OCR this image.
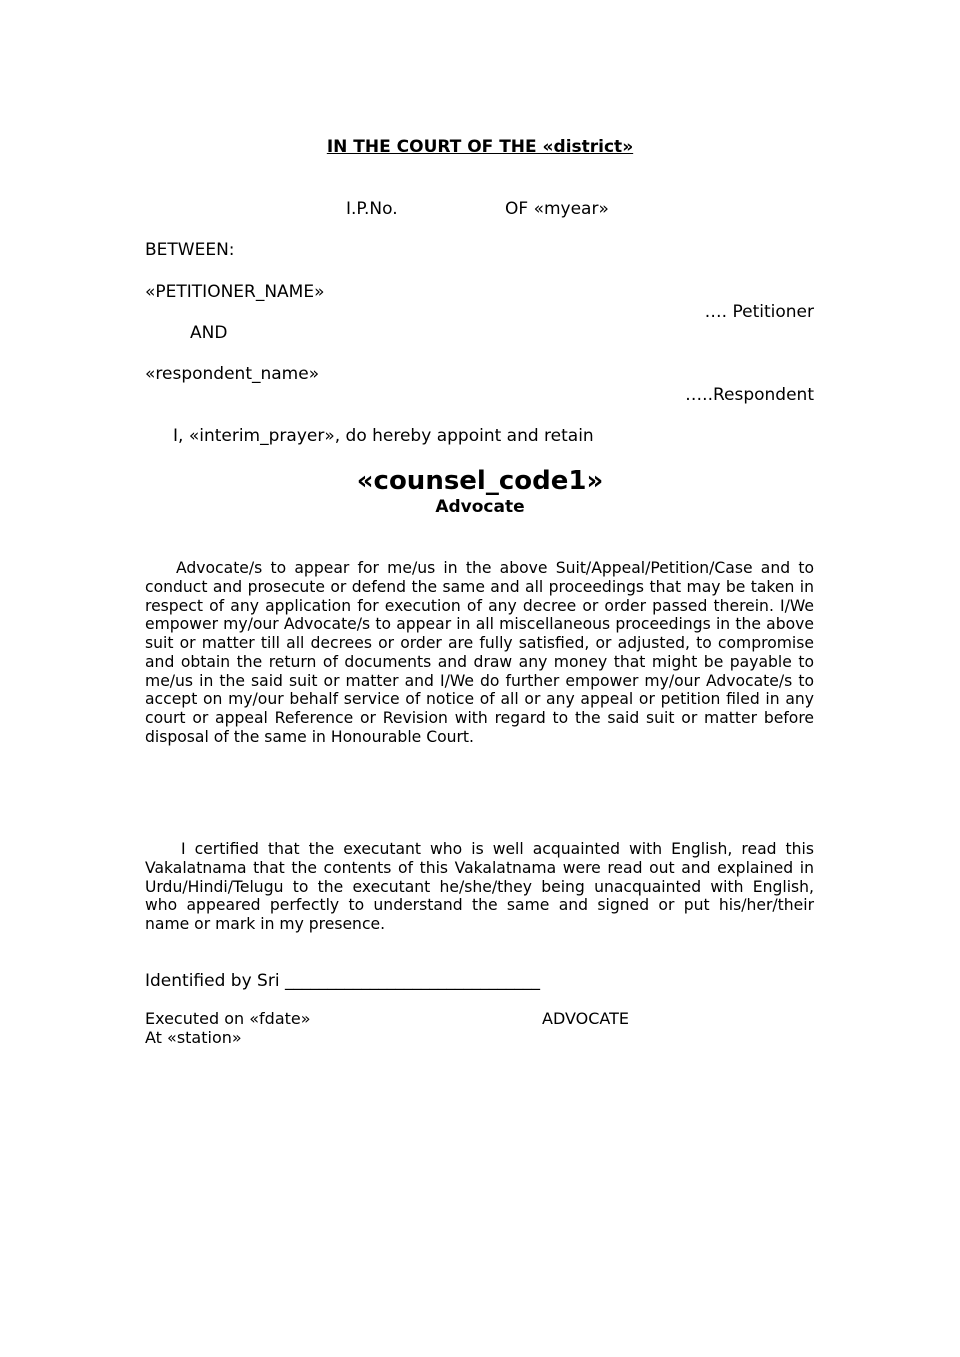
IN THE COURT OF THE «district»
I.P.No.	OF «myear»
BETWEEN:
«PETITIONER_NAME»
…. Petitioner
AND
«respondent_name»
…..Respondent
I, «interim_prayer», do hereby appoint and retain
«counsel_code1»
Advocate
Advocate/s to appear for me/us in the above Suit/Appeal/Petition/Case and to conduct and prosecute or defend the same and all proceedings that may be taken in respect of any application for execution of any decree or order passed therein. I/We empower my/our Advocate/s to appear in all miscellaneous proceedings in the above suit or matter till all decrees or order are fully satisfied, or adjusted, to compromise and obtain the return of documents and draw any money that might be payable to me/us in the said suit or matter and I/We do further empower my/our Advocate/s to accept on my/our behalf service of notice of all or any appeal or petition filed in any court or appeal Reference or Revision with regard to the said suit or matter before disposal of the same in Honourable Court.
I certified that the executant who is well acquainted with English, read this Vakalatnama that the contents of this Vakalatnama were read out and explained in Urdu/Hindi/Telugu to the executant he/she/they being unacquainted with English, who appeared perfectly to understand the same and signed or put his/her/their name or mark in my presence.
Identified by Sri ______________________________
Executed on «fdate»
At «station»
ADVOCATE
